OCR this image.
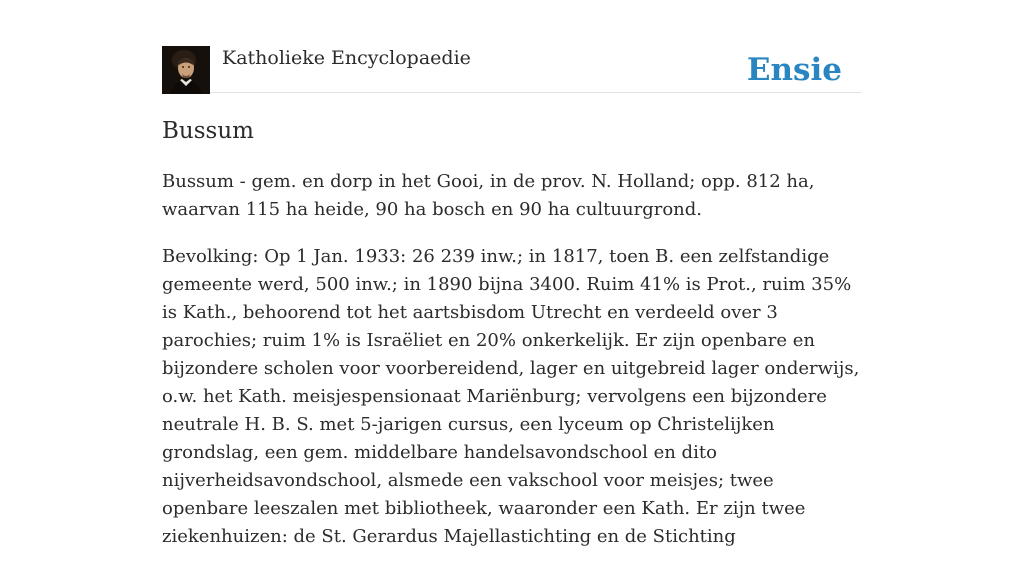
Katholieke Encyclopaedie	Ensie
Bussum

Bussum - gem. en dorp in het Gooi, in de prov. N. Holland; opp. 812 ha, waarvan 115 ha heide, 90 ha bosch en 90 ha cultuurgrond.

Bevolking: Op 1 Jan. 1933: 26 239 inw.; in 1817, toen B. een zelfstandige gemeente werd, 500 inw.; in 1890 bijna 3400. Ruim 41% is Prot., ruim 35% is Kath., behoorend tot het aartsbisdom Utrecht en verdeeld over 3 parochies; ruim 1% is Israëliet en 20% onkerkelijk. Er zijn openbare en bijzondere scholen voor voorbereidend, lager en uitgebreid lager onderwijs, o.w. het Kath. meisjespensionaat Mariënburg; vervolgens een bijzondere neutrale H. B. S. met 5-jarigen cursus, een lyceum op Christelijken grondslag, een gem. middelbare handelsavondschool en dito nijverheidsavondschool, alsmede een vakschool voor meisjes; twee openbare leeszalen met bibliotheek, waaronder een Kath. Er zijn twee ziekenhuizen: de St. Gerardus Majellastichting en de Stichting
